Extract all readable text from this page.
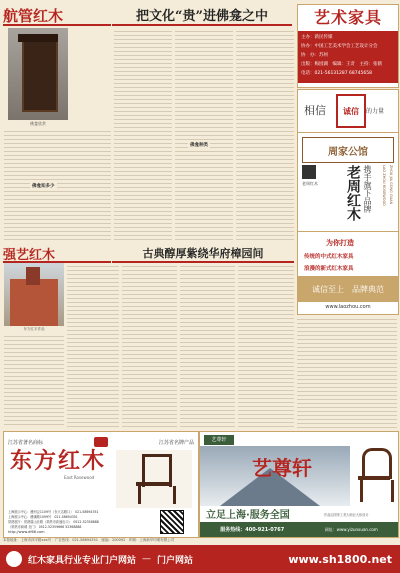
航管红木	把文化“贵”进佛龛之中	艺术家具
主办：新民传媒
协办：中国工艺美术学会工艺设计分会
协　办：苏州
出版：梅园湖　编辑：王奇　主持：张鹤
电话：021-56131287 68745658
佛龛欣赏
佛龛知多少
佛龛种类
相信 诚信 的力量
周家公馆
老周红木	老周红木 携手旗下品牌	LAO ZHOU ROSEWOOD ZHOU JIA GONG GUAN
为你打造
传统的中式红木家具
浪漫的新式红木家具
诚信至上　品牌典范
www.laozhou.com
强艺红木	古典醇厚紫绕华府樟园间
东方红木作品
江苏省著名商标	江苏省名牌产品
东方红木
East Rosewood
上海展示中心：漕河泾1109号（东大名路口）　021-58694351
上海展示中心：漕溪路1099号　021-58694351
常熟展厅：常熟虞山北路（常熟市高速出口）　0512-52358888
（常熟市商城 北门） 0512-52359666 52368888
http://www.df66.com
艺尊轩
艺尊轩
立足上海·服务全国	作品由国家工美大师巨大伟设计
服务热线：400-921-0767	网址：www.yizunxuan.com
本报地址：上海市四平路xxx号　广告热线：021-58694351　邮编：200092　印刷：上海新华印刷有限公司
红木家具行业专业门户网站 — 门户网站	www.sh1800.net
